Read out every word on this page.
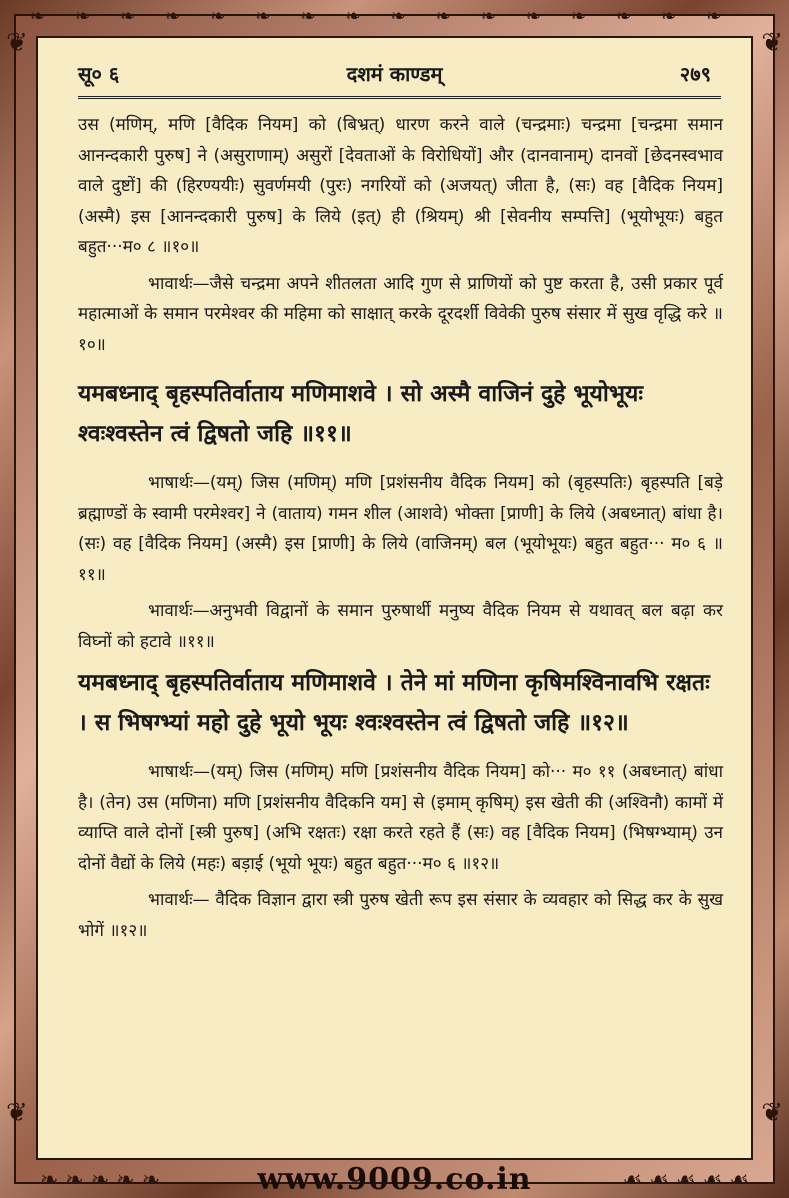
❦	❦
❦	❦
❧❧❧❧❧❧❧❧❧❧❧❧❧❧❧❧
सू० ६	दशमं काण्डम्	२७९

उस (मणिम्, मणि [वैदिक नियम] को (बिभ्रत्) धारण करने वाले (चन्द्रमाः) चन्द्रमा [चन्द्रमा समान आनन्दकारी पुरुष] ने (असुराणाम्) असुरों [देवताओं के विरोधियों] और (दानवानाम्) दानवों [छेदनस्वभाव वाले दुष्टों] की (हिरण्ययीः) सुवर्णमयी (पुरः) नगरियों को (अजयत्) जीता है, (सः) वह [वैदिक नियम] (अस्मै) इस [आनन्दकारी पुरुष] के लिये (इत्) ही (श्रियम्) श्री [सेवनीय सम्पत्ति] (भूयोभूयः) बहुत बहुत···म० ८ ॥१०॥

भावार्थः—जैसे चन्द्रमा अपने शीतलता आदि गुण से प्राणियों को पुष्ट करता है, उसी प्रकार पूर्व महात्माओं के समान परमेश्वर की महिमा को साक्षात् करके दूरदर्शी विवेकी पुरुष संसार में सुख वृद्धि करे ॥१०॥

यमबध्नाद् बृहस्पतिर्वाताय मणिमाशवे । सो अस्मै वाजिनं दुहे भूयोभूयः श्वःश्वस्तेन त्वं द्विषतो जहि ॥११॥

भाषार्थः—(यम्) जिस (मणिम्) मणि [प्रशंसनीय वैदिक नियम] को (बृहस्पतिः) बृहस्पति [बड़े ब्रह्माण्डों के स्वामी परमेश्वर] ने (वाताय) गमन शील (आशवे) भोक्ता [प्राणी] के लिये (अबध्नात्) बांधा है। (सः) वह [वैदिक नियम] (अस्मै) इस [प्राणी] के लिये (वाजिनम्) बल (भूयोभूयः) बहुत बहुत··· म० ६ ॥११॥

भावार्थः—अनुभवी विद्वानों के समान पुरुषार्थी मनुष्य वैदिक नियम से यथावत् बल बढ़ा कर विघ्नों को हटावे ॥११॥

यमबध्नाद् बृहस्पतिर्वाताय मणिमाशवे । तेने मां मणिना कृषिमश्विनावभि रक्षतः । स भिषग्भ्यां महो दुहे भूयो भूयः श्वःश्वस्तेन त्वं द्विषतो जहि ॥१२॥

भाषार्थः—(यम्) जिस (मणिम्) मणि [प्रशंसनीय वैदिक नियम] को··· म० ११ (अबध्नात्) बांधा है। (तेन) उस (मणिना) मणि [प्रशंसनीय वैदिकनि यम] से (इमाम् कृषिम्) इस खेती की (अश्विनौ) कामों में व्याप्ति वाले दोनों [स्त्री पुरुष] (अभि रक्षतः) रक्षा करते रहते हैं (सः) वह [वैदिक नियम] (भिषग्भ्याम्) उन दोनों वैद्यों के लिये (महः) बड़ाई (भूयो भूयः) बहुत बहुत···म० ६ ॥१२॥

भावार्थः— वैदिक विज्ञान द्वारा स्त्री पुरुष खेती रूप इस संसार के व्यवहार को सिद्ध कर के सुख भोगें ॥१२॥

❧ ❧ ❧ ❧ ❧	www.9009.co.in	☙ ☙ ☙ ☙ ☙
